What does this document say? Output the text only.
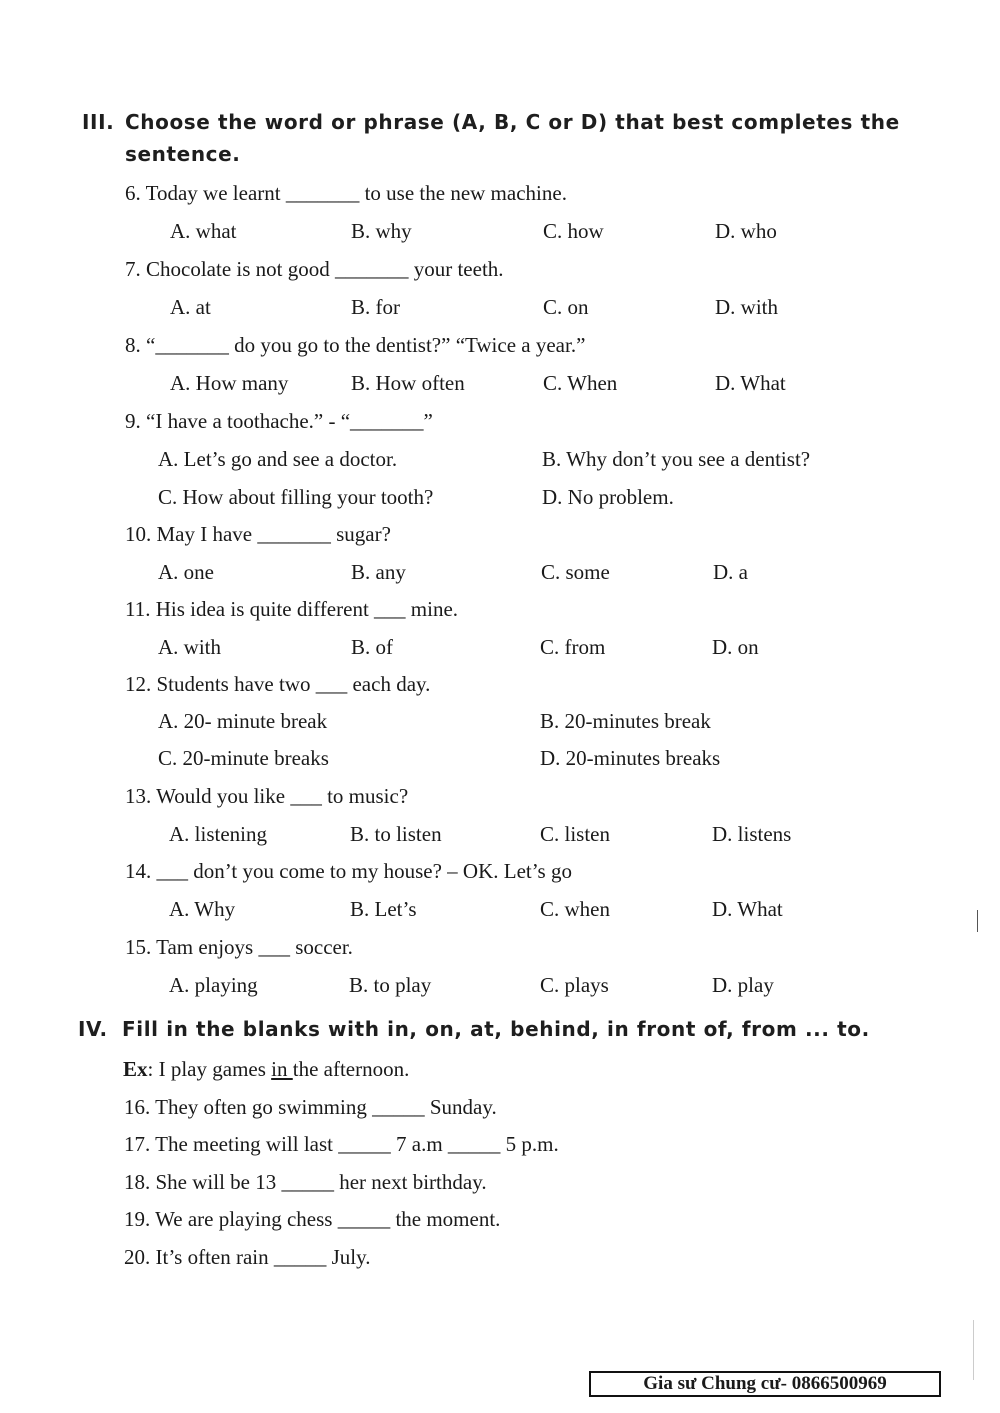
III. Choose the word or phrase (A, B, C or D) that best completes the
sentence.
6. Today we learnt _______ to use the new machine.
A. what	B. why	C. how	D. who
7. Chocolate is not good _______ your teeth.
A. at	B. for	C. on	D. with
8. “_______ do you go to the dentist?” “Twice a year.”
A. How many	B. How often	C. When	D. What
9. “I have a toothache.” - “_______”
A. Let’s go and see a doctor.	B. Why don’t you see a dentist?
C. How about filling your tooth?	D. No problem.
10. May I have _______ sugar?
A. one	B. any	C. some	D. a
11. His idea is quite different ___ mine.
A. with	B. of	C. from	D. on
12. Students have two ___ each day.
A. 20- minute break	B. 20-minutes break
C. 20-minute breaks	D. 20-minutes breaks
13. Would you like ___ to music?
A. listening	B. to listen	C. listen	D. listens
14. ___ don’t you come to my house? – OK. Let’s go
A. Why	B. Let’s	C. when	D. What
15. Tam enjoys ___ soccer.
A. playing	B. to play	C. plays	D. play
IV. Fill in the blanks with in, on, at, behind, in front of, from ... to.
Ex: I play games in the afternoon.
16. They often go swimming _____ Sunday.
17. The meeting will last _____ 7 a.m _____ 5 p.m.
18. She will be 13 _____ her next birthday.
19. We are playing chess _____ the moment.
20. It’s often rain _____ July.
Gia sư Chung cư- 0866500969
